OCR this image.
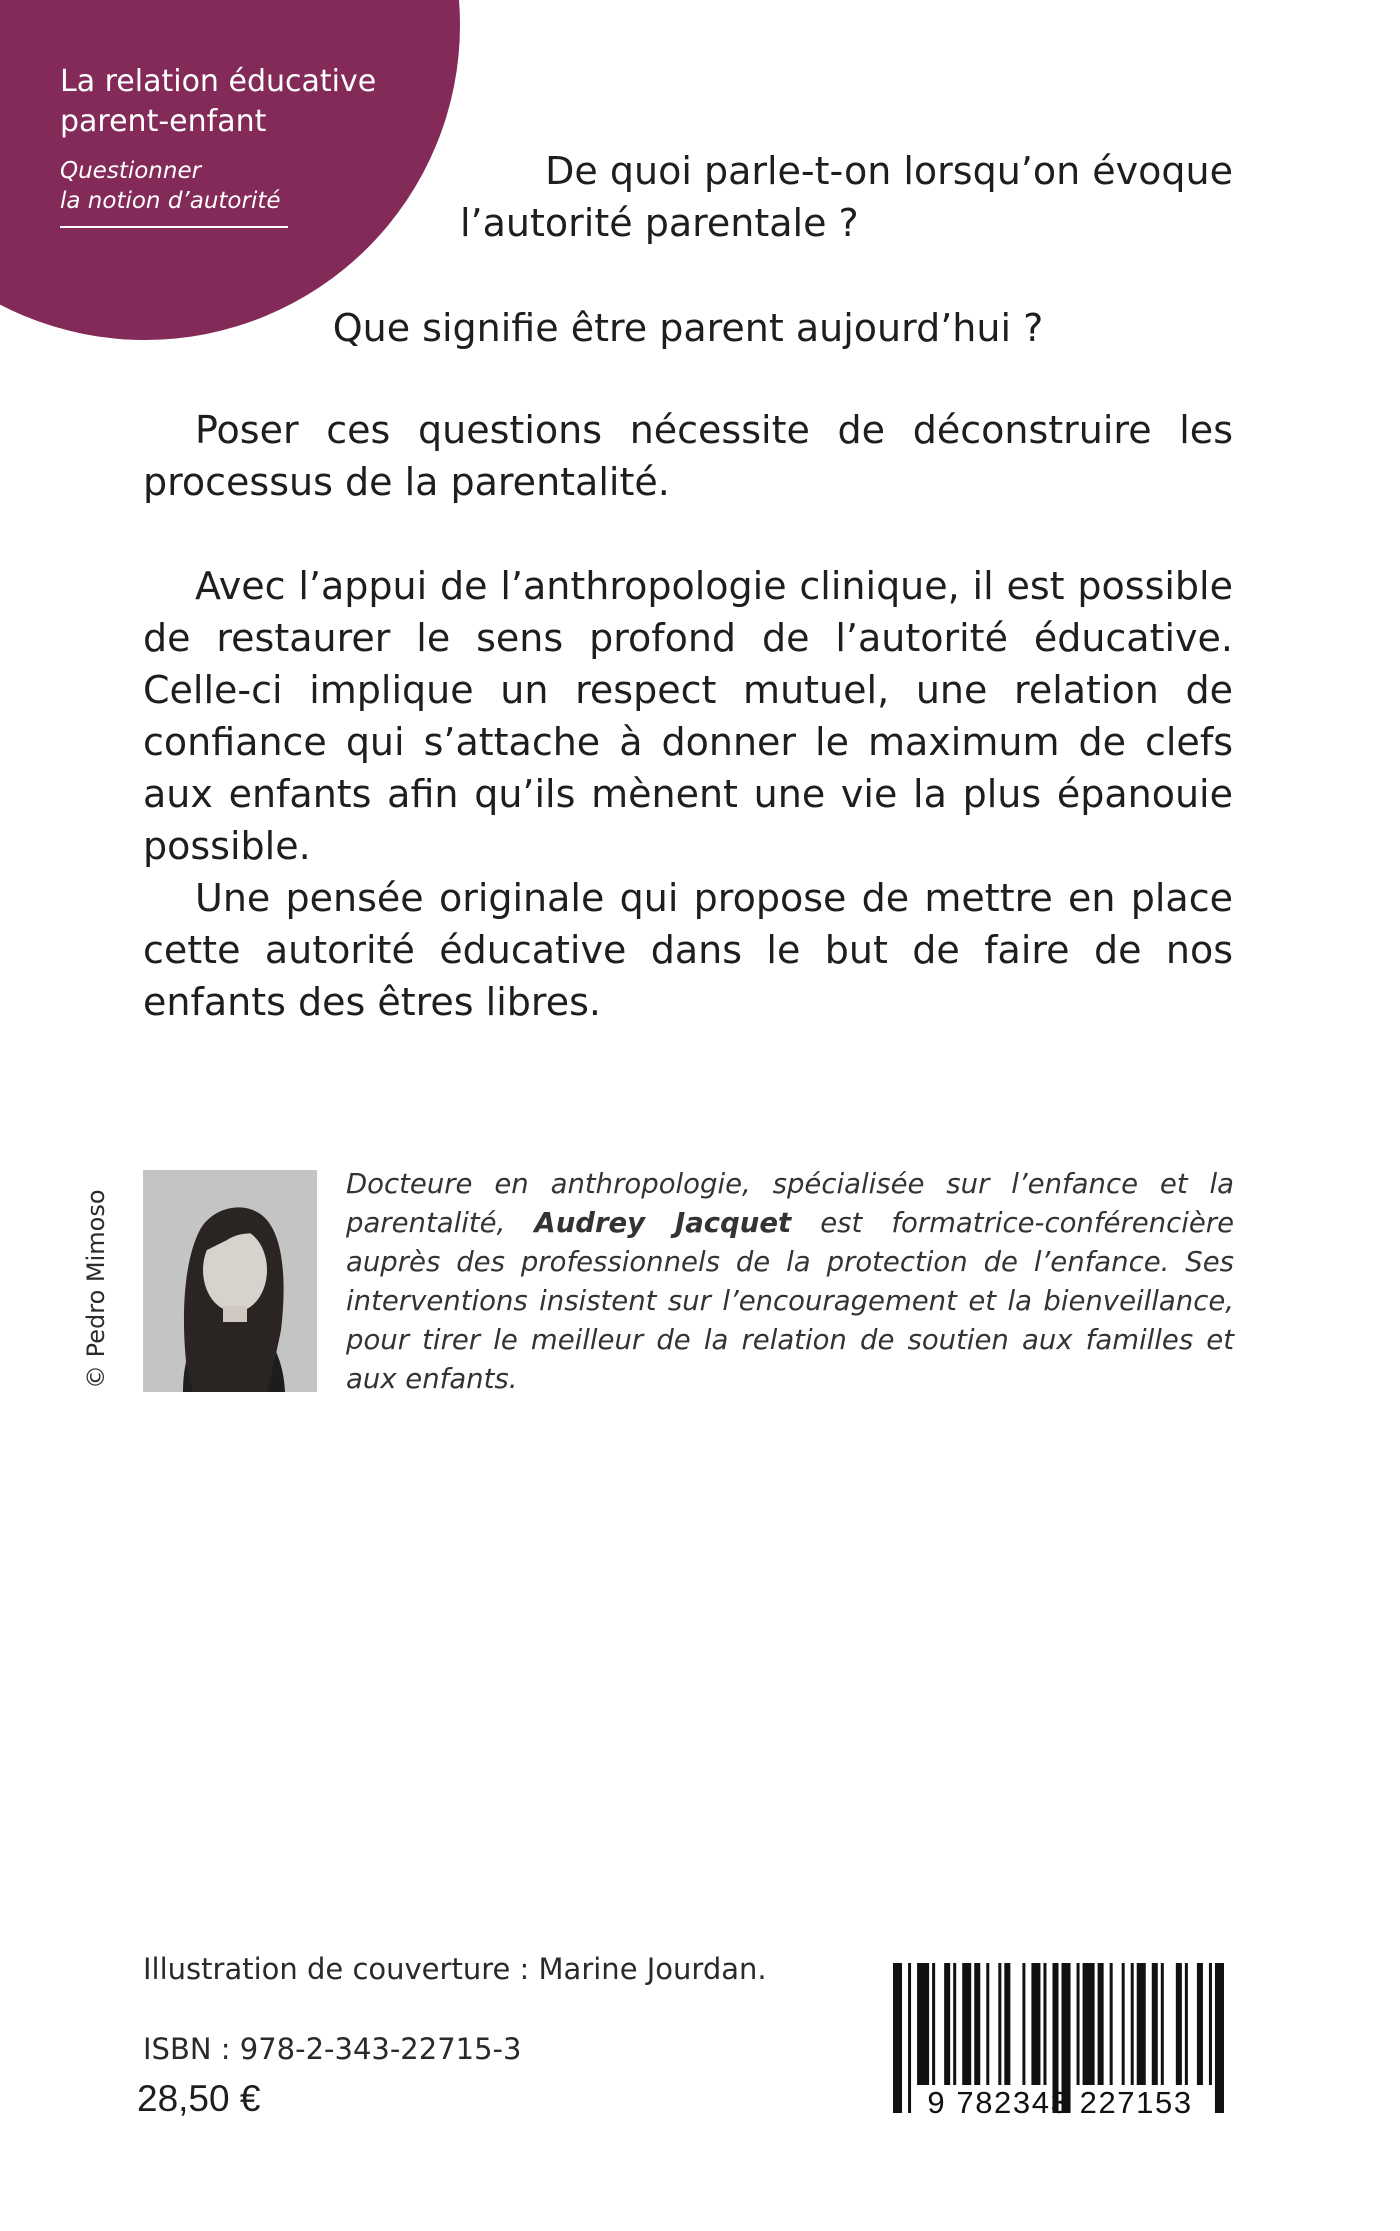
La relation éducative
parent-enfant
Questionner
la notion d’autorité
De quoi parle-t-on lorsqu’on évoque
l’autorité parentale ?
Que signifie être parent aujourd’hui ?
Poser ces questions nécessite de déconstruire les processus de la parentalité.
Avec l’appui de l’anthropologie clinique, il est possible de restaurer le sens profond de l’autorité éducative. Celle-ci implique un respect mutuel, une relation de confiance qui s’attache à donner le maximum de clefs aux enfants afin qu’ils mènent une vie la plus épanouie possible.
Une pensée originale qui propose de mettre en place cette autorité éducative dans le but de faire de nos enfants des êtres libres.
© Pedro Mimoso
Docteure en anthropologie, spécialisée sur l’enfance et la parentalité, Audrey Jacquet est formatrice-conférencière auprès des professionnels de la protection de l’enfance. Ses interventions insistent sur l’encouragement et la bienveillance, pour tirer le meilleur de la relation de soutien aux familles et aux enfants.
Illustration de couverture : Marine Jourdan.
ISBN : 978-2-343-22715-3
28,50 €	9 782343 227153
